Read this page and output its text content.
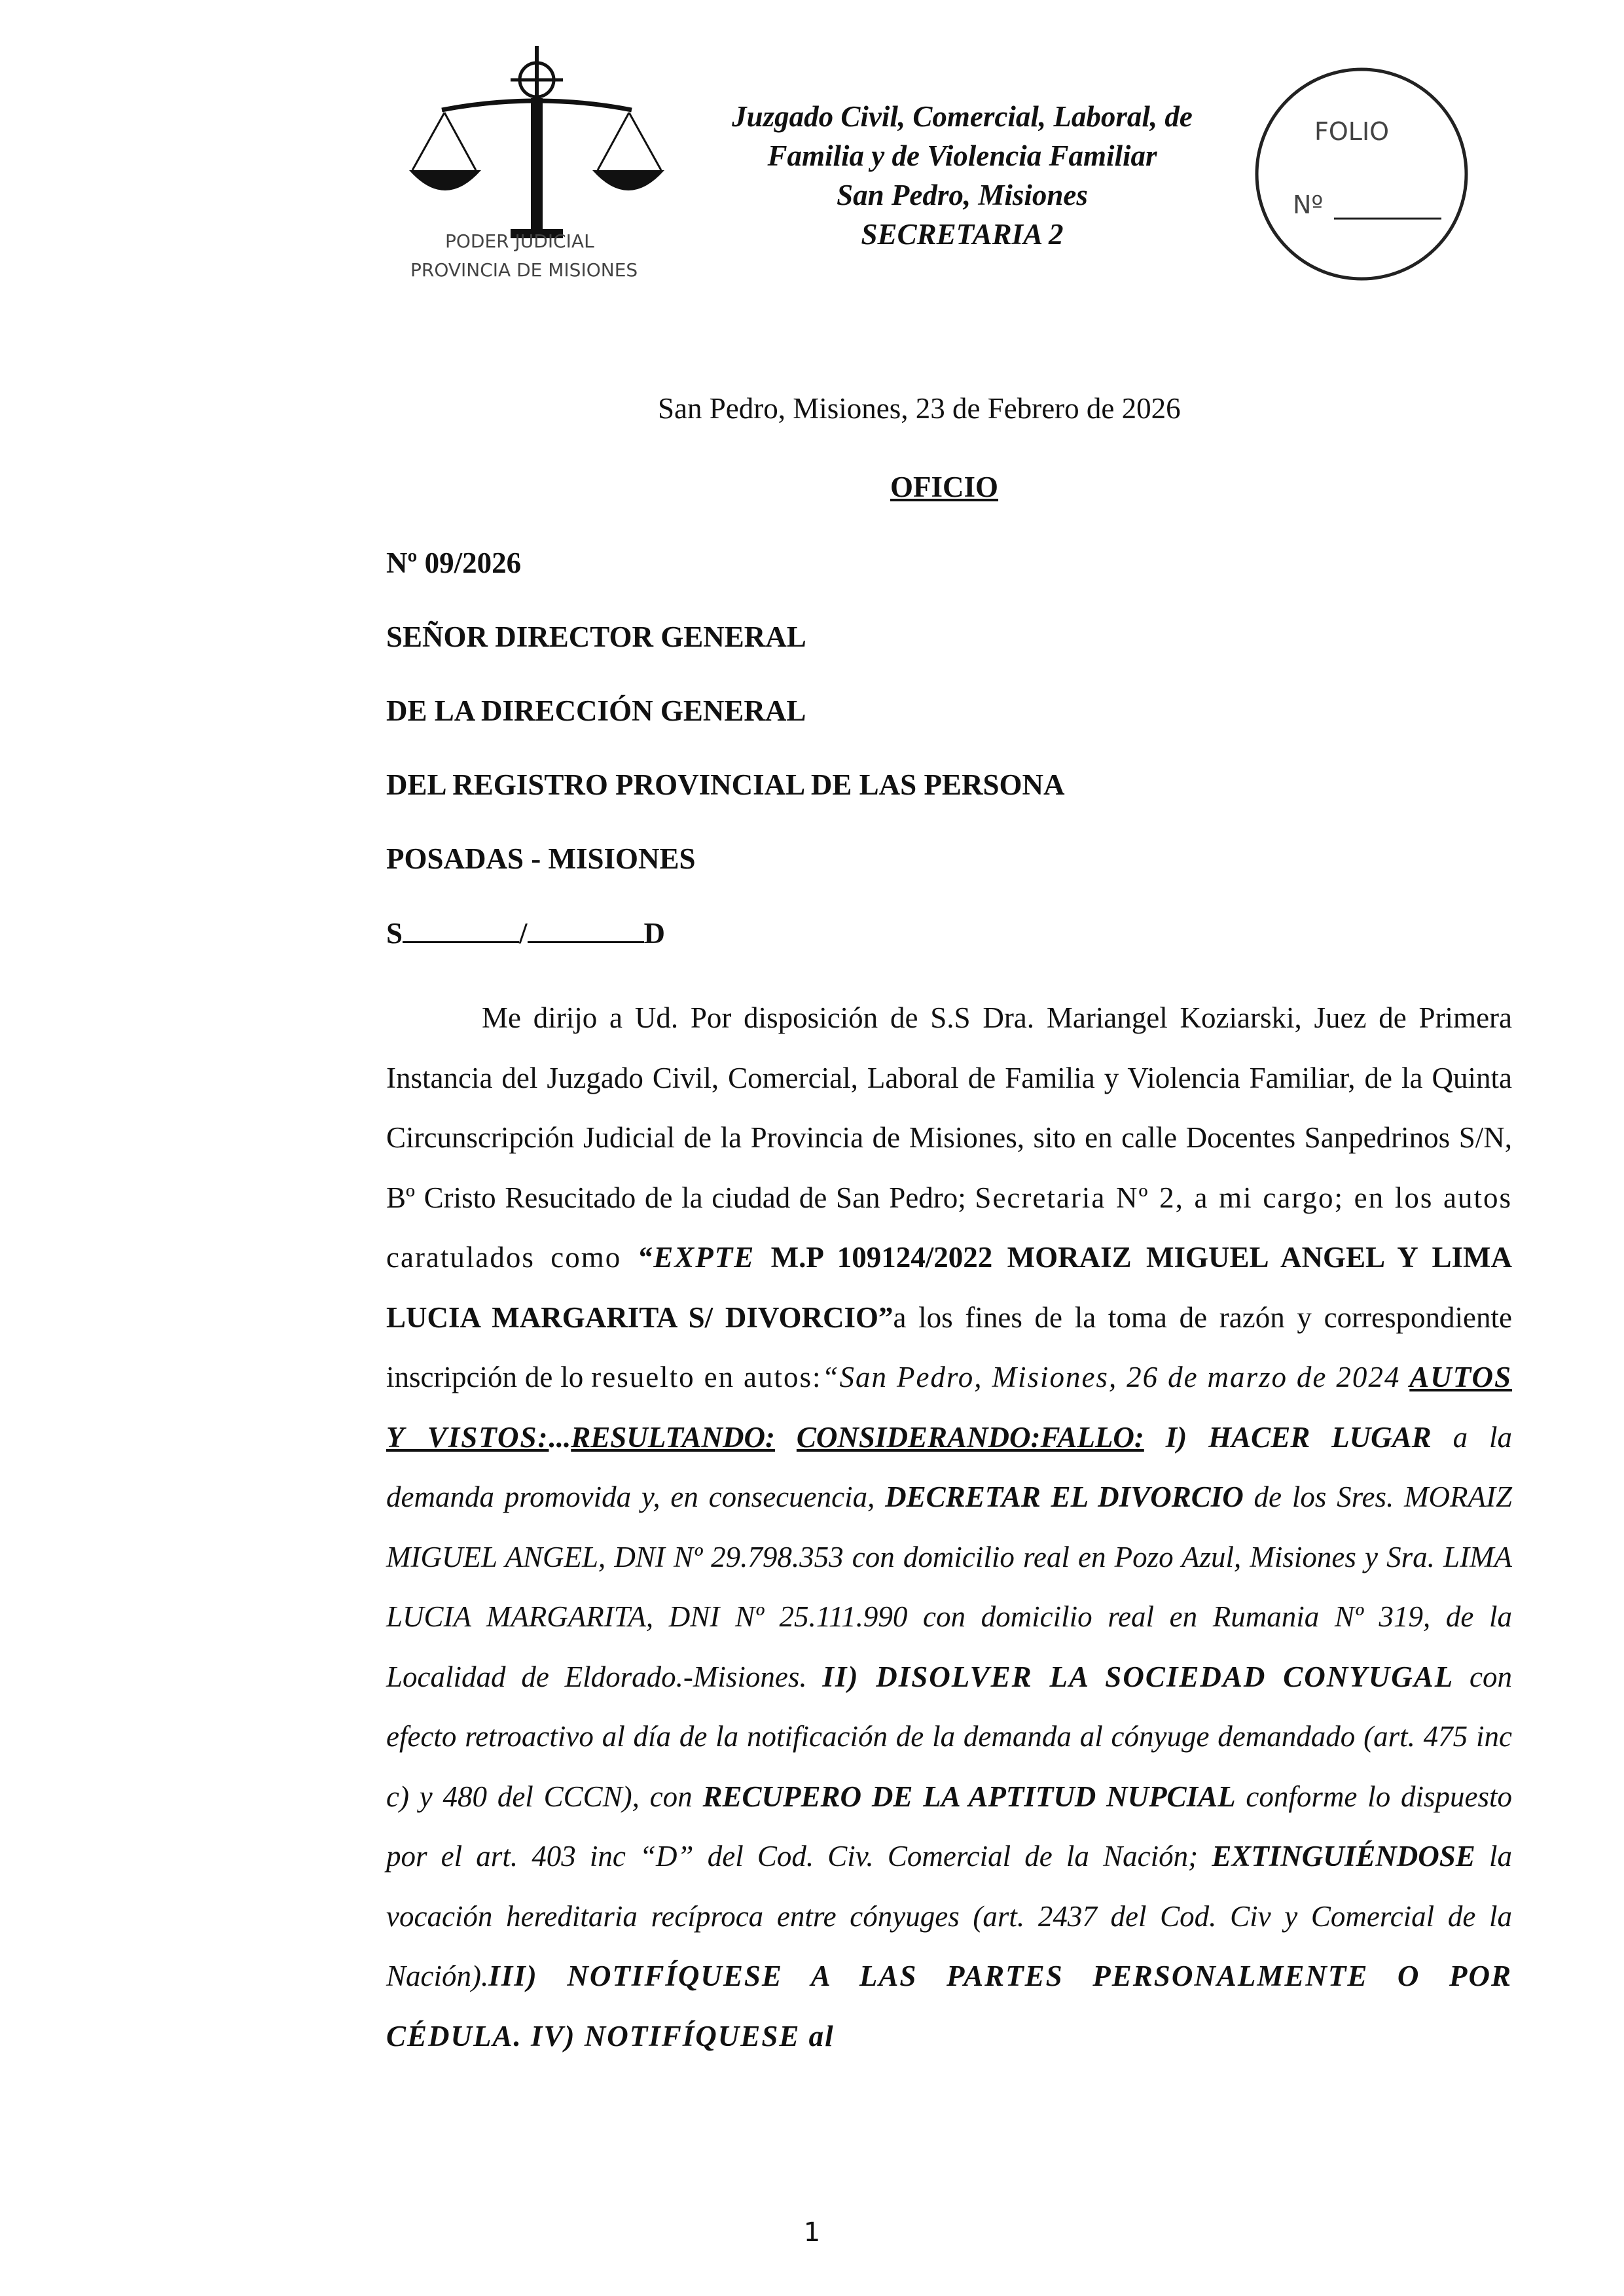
PODER JUDICIAL
PROVINCIA DE MISIONES
Juzgado Civil, Comercial, Laboral, de
Familia y de Violencia Familiar
San Pedro, Misiones
SECRETARIA 2
FOLIO
Nº
San Pedro, Misiones, 23 de Febrero de 2026
OFICIO
Nº 09/2026
SEÑOR DIRECTOR GENERAL
DE LA DIRECCIÓN GENERAL
DEL REGISTRO PROVINCIAL DE LAS PERSONA
POSADAS - MISIONES
S	/	D

Me dirijo a Ud. Por disposición de S.S Dra. Mariangel Koziarski, Juez de Primera Instancia del Juzgado Civil, Comercial, Laboral de Familia y Violencia Familiar, de la Quinta Circunscripción Judicial de la Provincia de Misiones, sito en calle Docentes Sanpedrinos S/N, Bº Cristo Resucitado de la ciudad de San Pedro; Secretaria Nº 2, a mi cargo; en los autos caratulados como “EXPTE M.P 109124/2022 MORAIZ MIGUEL ANGEL Y LIMA LUCIA MARGARITA S/ DIVORCIO”a los fines de la toma de razón y correspondiente inscripción de lo resuelto en autos:“San Pedro, Misiones, 26 de marzo de 2024 AUTOS Y VISTOS:...RESULTANDO: CONSIDERANDO:FALLO: I) HACER LUGAR a la demanda promovida y, en consecuencia, DECRETAR EL DIVORCIO de los Sres. MORAIZ MIGUEL ANGEL, DNI Nº 29.798.353 con domicilio real en Pozo Azul, Misiones y Sra. LIMA LUCIA MARGARITA, DNI Nº 25.111.990 con domicilio real en Rumania Nº 319, de la Localidad de Eldorado.-Misiones. II) DISOLVER LA SOCIEDAD CONYUGAL con efecto retroactivo al día de la notificación de la demanda al cónyuge demandado (art. 475 inc c) y 480 del CCCN), con RECUPERO DE LA APTITUD NUPCIAL conforme lo dispuesto por el art. 403 inc “D” del Cod. Civ. Comercial de la Nación; EXTINGUIÉNDOSE la vocación hereditaria recíproca entre cónyuges (art. 2437 del Cod. Civ y Comercial de la Nación).III) NOTIFÍQUESE A LAS PARTES PERSONALMENTE O POR CÉDULA. IV) NOTIFÍQUESE al

1
